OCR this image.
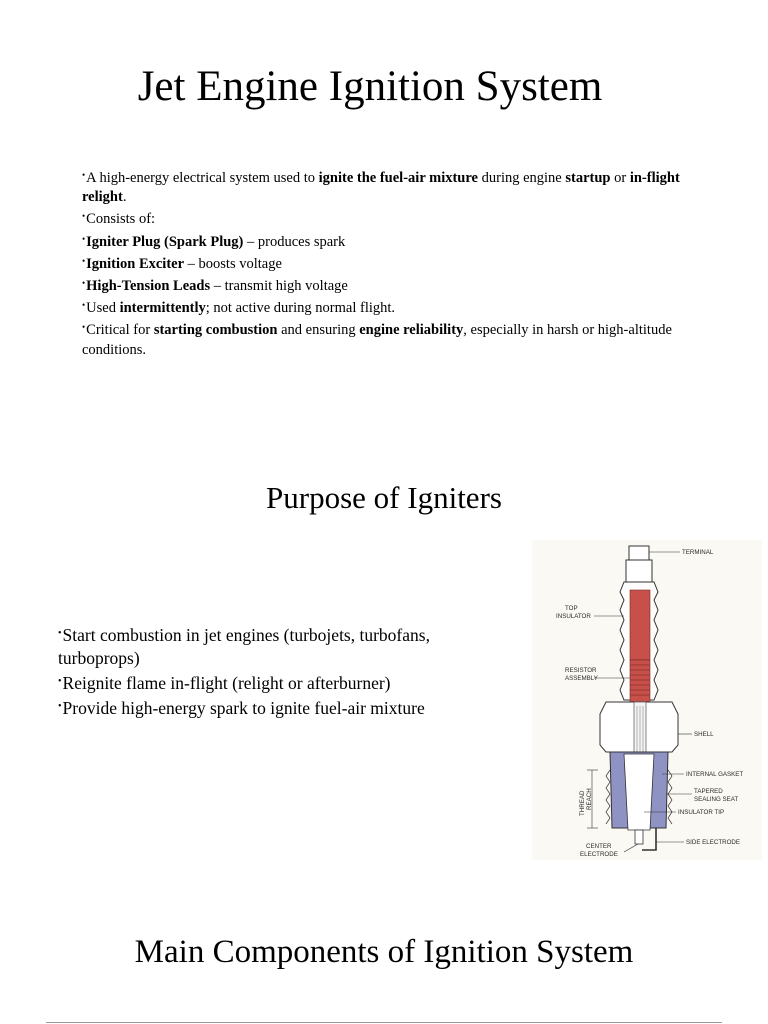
Jet Engine Ignition System

•A high-energy electrical system used to ignite the fuel-air mixture during engine startup or in-flight relight.

•Consists of:

•Igniter Plug (Spark Plug) – produces spark

•Ignition Exciter – boosts voltage

•High-Tension Leads – transmit high voltage

•Used intermittently; not active during normal flight.

•Critical for starting combustion and ensuring engine reliability, especially in harsh or high-altitude conditions.

Purpose of Igniters

•Start combustion in jet engines (turbojets, turbofans, turboprops)

•Reignite flame in-flight (relight or afterburner)

•Provide high-energy spark to ignite fuel-air mixture

TERMINAL
TOP
INSULATOR
RESISTOR
ASSEMBLY
SHELL
INTERNAL GASKET
TAPERED
SEALING SEAT
INSULATOR TIP
SIDE ELECTRODE
CENTER
ELECTRODE
THREAD REACH
Main Components of Ignition System
